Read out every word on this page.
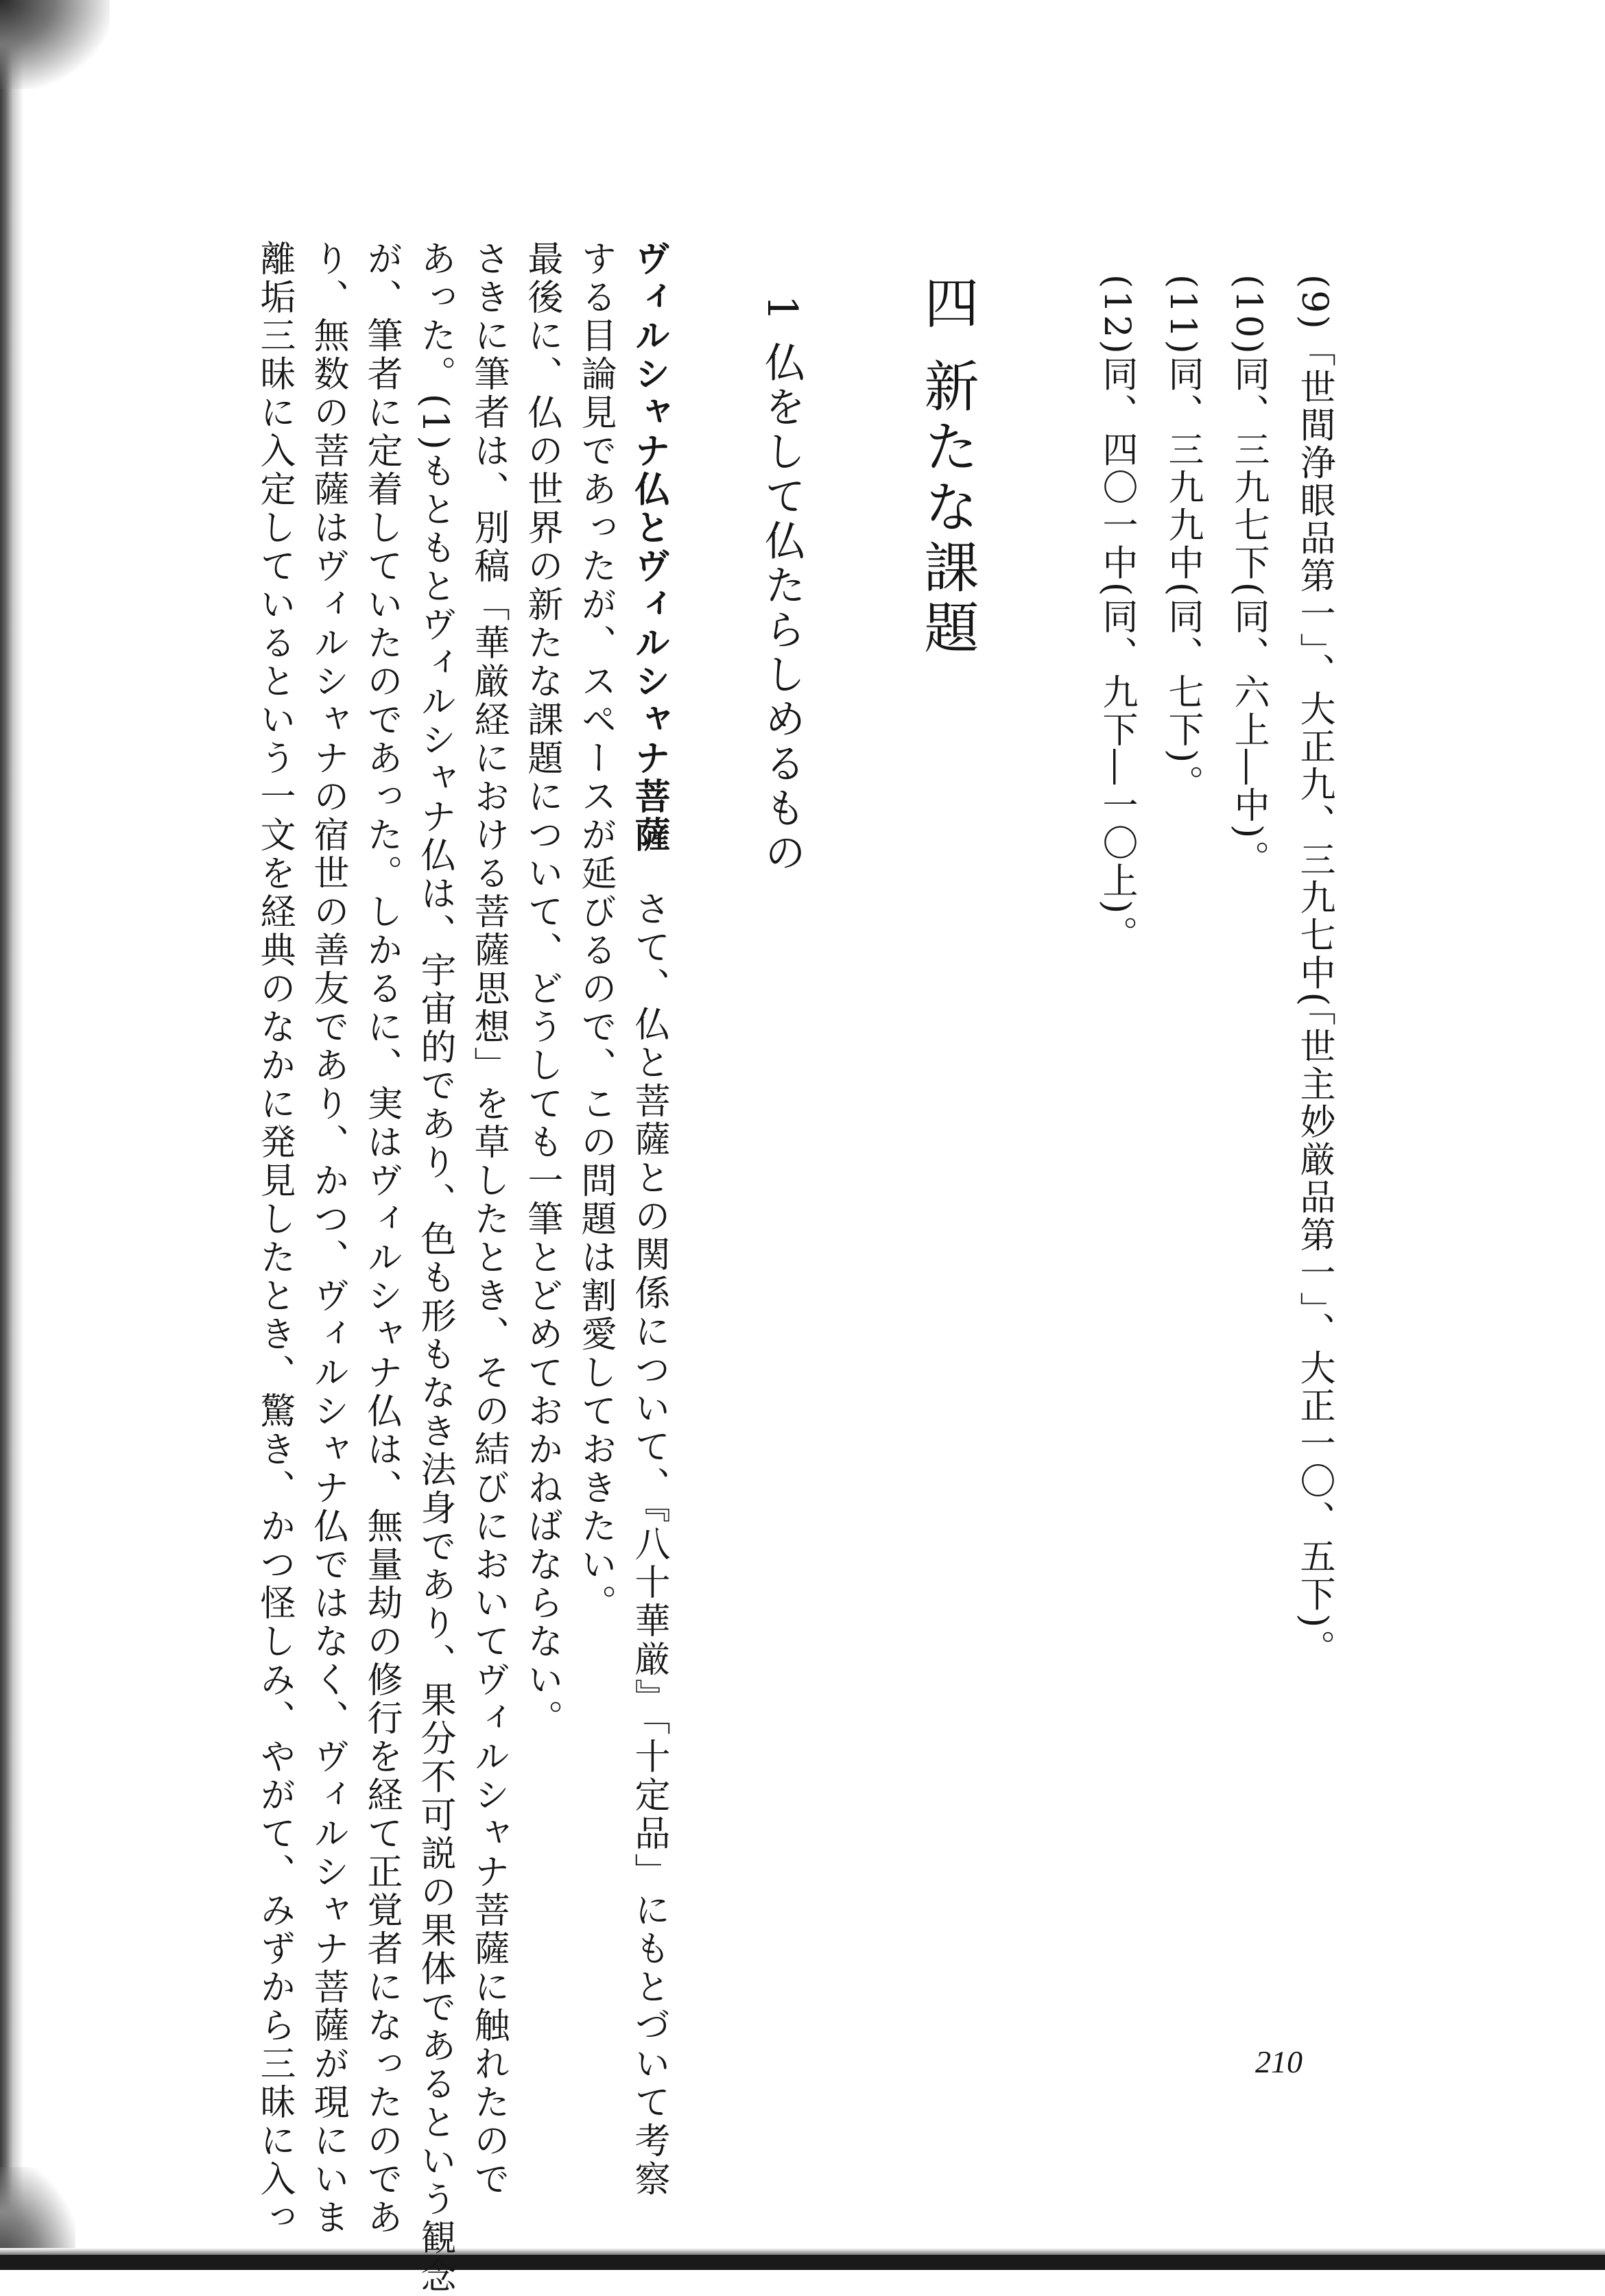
(9)「世間浄眼品第一」、大正九、三九七中(「世主妙厳品第一」、大正一〇、五下)。
(10)同、三九七下(同、六上―中)。
(11)同、三九九中(同、七下)。
(12)同、四〇一中(同、九下―一〇上)。
四 新たな課題
1 仏をして仏たらしめるもの
ヴィルシャナ仏とヴィルシャナ菩薩さて、仏と菩薩との関係について、『八十華厳』「十定品」にもとづいて考察
する目論見であったが、スペースが延びるので、この問題は割愛しておきたい。
最後に、仏の世界の新たな課題について、どうしても一筆とどめておかねばならない。
さきに筆者は、別稿「華厳経における菩薩思想」を草したとき、その結びにおいてヴィルシャナ菩薩に触れたので
あった。(1)もともとヴィルシャナ仏は、宇宙的であり、色も形もなき法身であり、果分不可説の果体であるという観念
が、筆者に定着していたのであった。しかるに、実はヴィルシャナ仏は、無量劫の修行を経て正覚者になったのであ
り、無数の菩薩はヴィルシャナの宿世の善友であり、かつ、ヴィルシャナ仏ではなく、ヴィルシャナ菩薩が現にいま
離垢三昧に入定しているという一文を経典のなかに発見したとき、驚き、かつ怪しみ、やがて、みずから三昧に入っ	210
